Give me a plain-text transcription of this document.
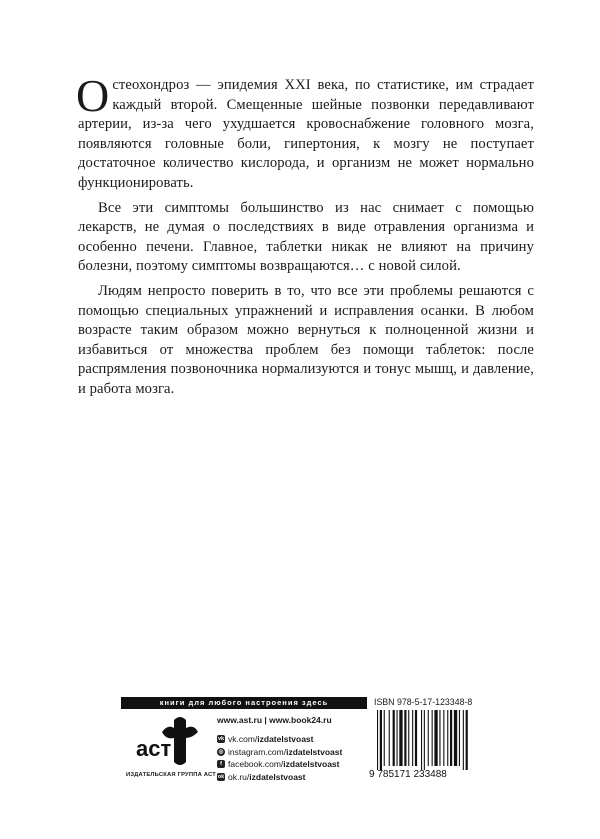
Остеохондроз — эпидемия XXI века, по статистике, им страдает каждый второй. Смещенные шейные позвонки передавливают артерии, из-за чего ухудшается кровоснабжение головного мозга, появляются головные боли, гипертония, к мозгу не поступает достаточное количество кислорода, и организм не может нормально функционировать.

Все эти симптомы большинство из нас снимает с помощью лекарств, не думая о последствиях в виде отравления организма и особенно печени. Главное, таблетки никак не влияют на причину болезни, поэтому симптомы возвращаются… с новой силой.

Людям непросто поверить в то, что все эти проблемы решаются с помощью специальных упражнений и исправления осанки. В любом возрасте таким образом можно вернуться к полноценной жизни и избавиться от множества проблем без помощи таблеток: после распрямления позвоночника нормализуются и тонус мышц, и давление, и работа мозга.

книги для любого настроения здесь
аст
ИЗДАТЕЛЬСКАЯ ГРУППА АСТ
www.ast.ru | www.book24.ru
vk vk.com/ izdatelstvoast
◎ instagram.com/ izdatelstvoast
f facebook.com/ izdatelstvoast
ok ok.ru/ izdatelstvoast
ISBN 978-5-17-123348-8
9 785171 233488
